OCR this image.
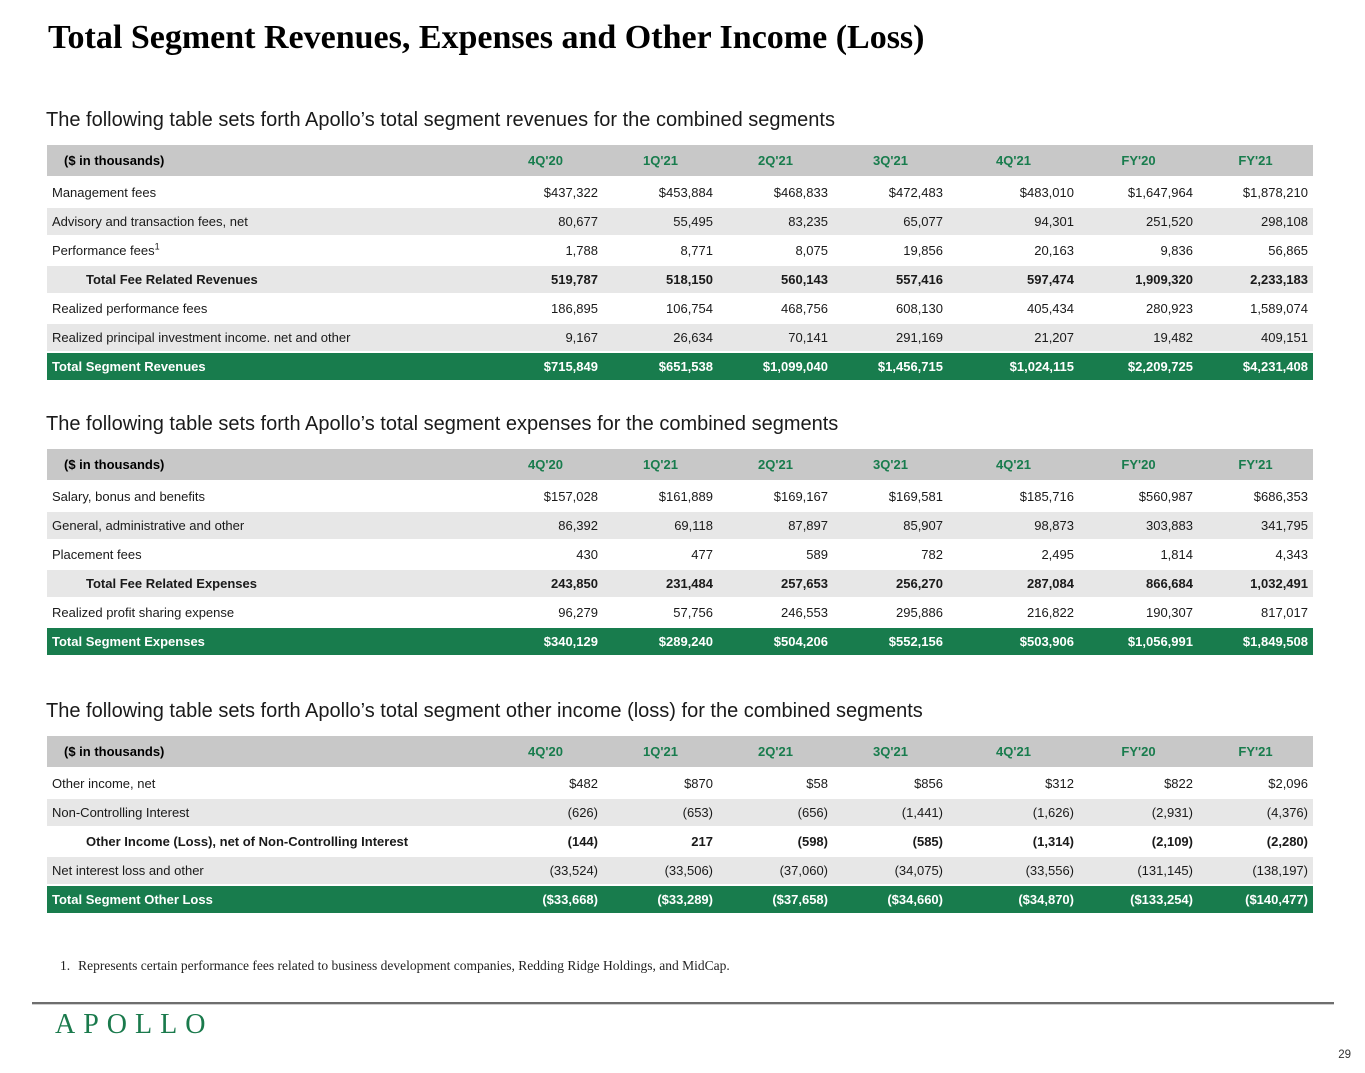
Total Segment Revenues, Expenses and Other Income (Loss)
The following table sets forth Apollo’s total segment revenues for the combined segments
($ in thousands)	4Q'20	1Q'21	2Q'21	3Q'21	4Q'21	FY'20	FY'21
Management fees	$437,322	$453,884	$468,833	$472,483	$483,010	$1,647,964	$1,878,210
Advisory and transaction fees, net	80,677	55,495	83,235	65,077	94,301	251,520	298,108
Performance fees$^1$	1,788	8,771	8,075	19,856	20,163	9,836	56,865
Total Fee Related Revenues	519,787	518,150	560,143	557,416	597,474	1,909,320	2,233,183
Realized performance fees	186,895	106,754	468,756	608,130	405,434	280,923	1,589,074
Realized principal investment income. net and other	9,167	26,634	70,141	291,169	21,207	19,482	409,151
Total Segment Revenues	$715,849	$651,538	$1,099,040	$1,456,715	$1,024,115	$2,209,725	$4,231,408
The following table sets forth Apollo’s total segment expenses for the combined segments
($ in thousands)	4Q'20	1Q'21	2Q'21	3Q'21	4Q'21	FY'20	FY'21
Salary, bonus and benefits	$157,028	$161,889	$169,167	$169,581	$185,716	$560,987	$686,353
General, administrative and other	86,392	69,118	87,897	85,907	98,873	303,883	341,795
Placement fees	430	477	589	782	2,495	1,814	4,343
Total Fee Related Expenses	243,850	231,484	257,653	256,270	287,084	866,684	1,032,491
Realized profit sharing expense	96,279	57,756	246,553	295,886	216,822	190,307	817,017
Total Segment Expenses	$340,129	$289,240	$504,206	$552,156	$503,906	$1,056,991	$1,849,508
The following table sets forth Apollo’s total segment other income (loss) for the combined segments
($ in thousands)	4Q'20	1Q'21	2Q'21	3Q'21	4Q'21	FY'20	FY'21
Other income, net	$482	$870	$58	$856	$312	$822	$2,096
Non-Controlling Interest	(626)	(653)	(656)	(1,441)	(1,626)	(2,931)	(4,376)
Other Income (Loss), net of Non-Controlling Interest	(144)	217	(598)	(585)	(1,314)	(2,109)	(2,280)
Net interest loss and other	(33,524)	(33,506)	(37,060)	(34,075)	(33,556)	(131,145)	(138,197)
Total Segment Other Loss	($33,668)	($33,289)	($37,658)	($34,660)	($34,870)	($133,254)	($140,477)
1. Represents certain performance fees related to business development companies, Redding Ridge Holdings, and MidCap.
APOLLO
29
